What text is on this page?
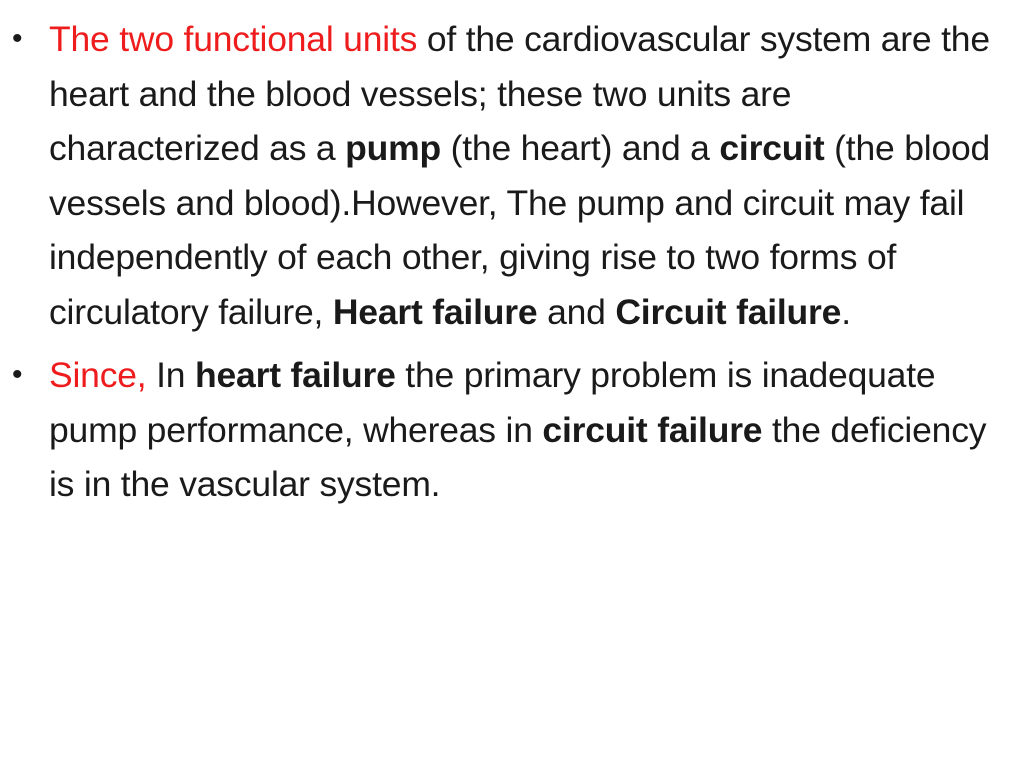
• The two functional units of the cardiovascular system are the heart and the blood vessels; these two units are characterized as a pump (the heart) and a circuit (the blood vessels and blood).However, The pump and circuit may fail independently of each other, giving rise to two forms of circulatory failure, Heart failure and Circuit failure.
• Since, In heart failure the primary problem is inadequate pump performance, whereas in circuit failure the deficiency is in the vascular system.
